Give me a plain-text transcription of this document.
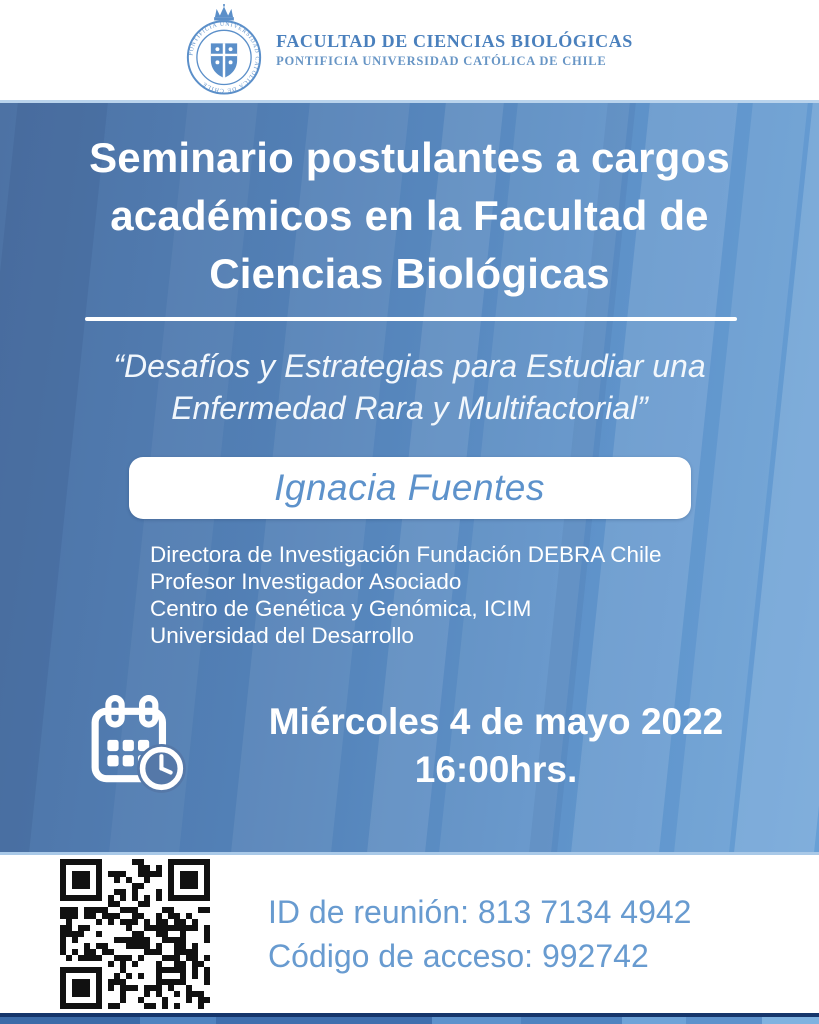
PONTIFICIA UNIVERSIDAD CATÓLICA DE CHILE
FACULTAD DE CIENCIAS BIOLÓGICAS
PONTIFICIA UNIVERSIDAD CATÓLICA DE CHILE
Seminario postulantes a cargos
académicos en la Facultad de
Ciencias Biológicas
“Desafíos y Estrategias para Estudiar una
Enfermedad Rara y Multifactorial”
Ignacia Fuentes
Directora de Investigación Fundación DEBRA Chile
Profesor Investigador Asociado
Centro de Genética y Genómica, ICIM
Universidad del Desarrollo
Miércoles 4 de mayo 2022
16:00hrs.
ID de reunión: 813 7134 4942
Código de acceso: 992742
